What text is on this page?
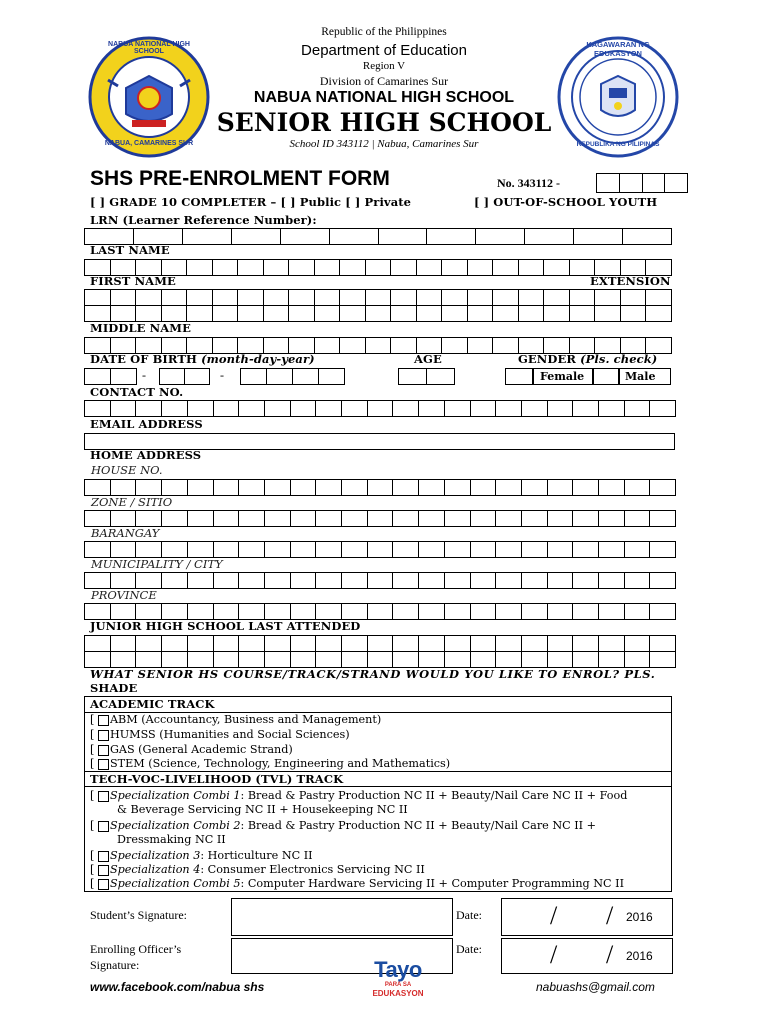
NABUA NATIONAL HIGH SCHOOL
NABUA, CAMARINES SUR
KAGAWARAN NG EDUKASYON
REPUBLIKA NG PILIPINAS
Republic of the Philippines
Department of Education
Region V
Division of Camarines Sur
NABUA NATIONAL HIGH SCHOOL
SENIOR HIGH SCHOOL
School ID 343112 | Nabua, Camarines Sur
SHS PRE-ENROLMENT FORM	No. 343112 -
[ ] GRADE 10 COMPLETER – [ ] Public [ ] Private	[ ] OUT-OF-SCHOOL YOUTH
LRN (Learner Reference Number):
LAST NAME
FIRST NAME	EXTENSION
MIDDLE NAME
DATE OF BIRTH (month-day-year)	AGE	GENDER (Pls. check)
-	-	Female	Male
CONTACT NO.
EMAIL ADDRESS
HOME ADDRESS
HOUSE NO.
ZONE / SITIO
BARANGAY
MUNICIPALITY / CITY
PROVINCE
JUNIOR HIGH SCHOOL LAST ATTENDED
WHAT SENIOR HS COURSE/TRACK/STRAND WOULD YOU LIKE TO ENROL? PLS.
SHADE
ACADEMIC TRACK
[ ABM (Accountancy, Business and Management)
[ HUMSS (Humanities and Social Sciences)
[ GAS (General Academic Strand)
[ STEM (Science, Technology, Engineering and Mathematics)
TECH-VOC-LIVELIHOOD (TVL) TRACK
[ Specialization Combi 1: Bread & Pastry Production NC II + Beauty/Nail Care NC II + Food
& Beverage Servicing NC II + Housekeeping NC II
[ Specialization Combi 2: Bread & Pastry Production NC II + Beauty/Nail Care NC II +
Dressmaking NC II
[ Specialization 3: Horticulture NC II
[ Specialization 4: Consumer Electronics Servicing NC II
[ Specialization Combi 5: Computer Hardware Servicing II + Computer Programming NC II
Student’s Signature:	Date:	/ / 2016
Enrolling Officer’s
Signature:
Date:	/ / 2016
www.facebook.com/nabua shs	nabuashs@gmail.com
Tayo
PARA SA
EDUKASYON
